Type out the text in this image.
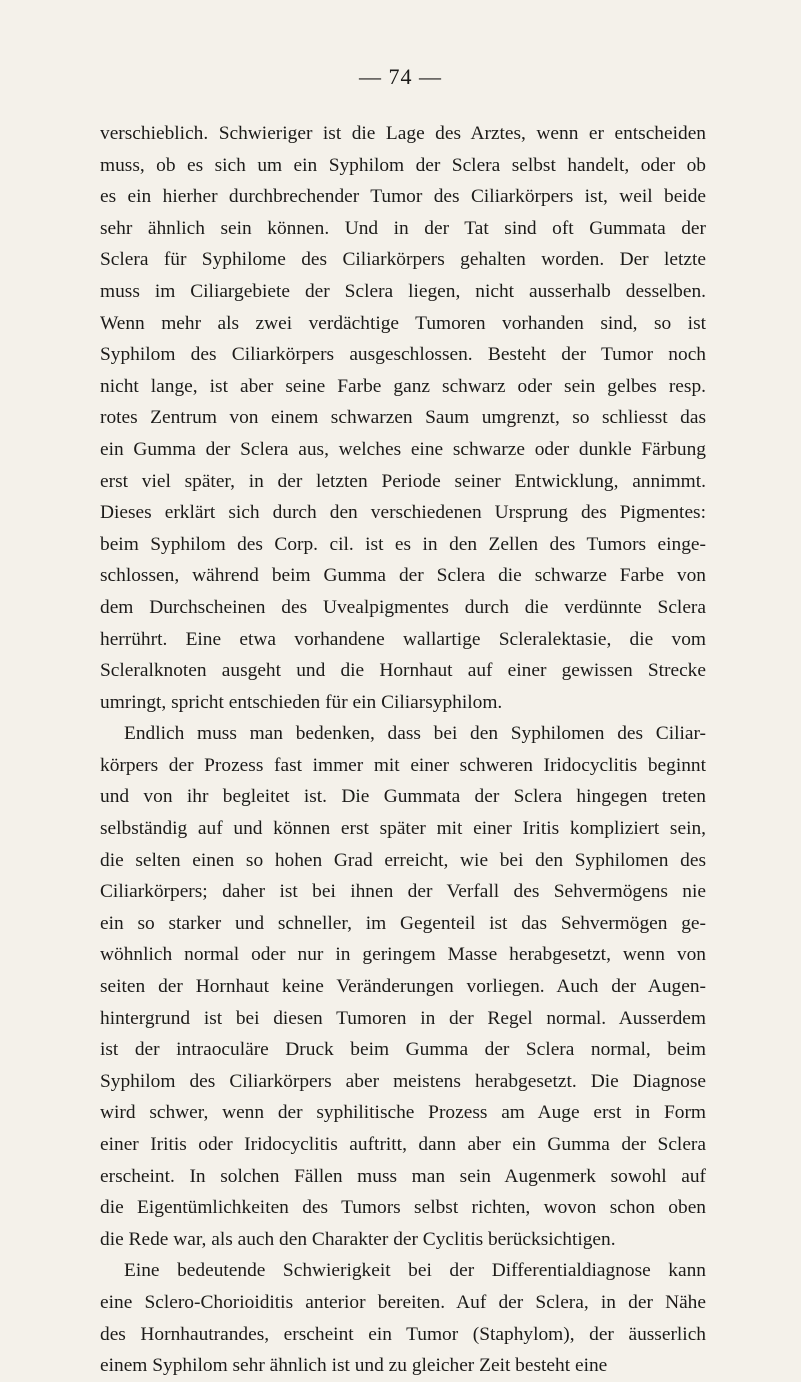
— 74 —
verschieblich. Schwieriger ist die Lage des Arztes, wenn er entscheiden
muss, ob es sich um ein Syphilom der Sclera selbst handelt, oder ob
es ein hierher durchbrechender Tumor des Ciliarkörpers ist, weil beide
sehr ähnlich sein können. Und in der Tat sind oft Gummata der
Sclera für Syphilome des Ciliarkörpers gehalten worden. Der letzte
muss im Ciliargebiete der Sclera liegen, nicht ausserhalb desselben.
Wenn mehr als zwei verdächtige Tumoren vorhanden sind, so ist
Syphilom des Ciliarkörpers ausgeschlossen. Besteht der Tumor noch
nicht lange, ist aber seine Farbe ganz schwarz oder sein gelbes resp.
rotes Zentrum von einem schwarzen Saum umgrenzt, so schliesst das
ein Gumma der Sclera aus, welches eine schwarze oder dunkle Färbung
erst viel später, in der letzten Periode seiner Entwicklung, annimmt.
Dieses erklärt sich durch den verschiedenen Ursprung des Pigmentes:
beim Syphilom des Corp. cil. ist es in den Zellen des Tumors einge-
schlossen, während beim Gumma der Sclera die schwarze Farbe von
dem Durchscheinen des Uvealpigmentes durch die verdünnte Sclera
herrührt. Eine etwa vorhandene wallartige Scleralektasie, die vom
Scleralknoten ausgeht und die Hornhaut auf einer gewissen Strecke
umringt, spricht entschieden für ein Ciliarsyphilom.
Endlich muss man bedenken, dass bei den Syphilomen des Ciliar-
körpers der Prozess fast immer mit einer schweren Iridocyclitis beginnt
und von ihr begleitet ist. Die Gummata der Sclera hingegen treten
selbständig auf und können erst später mit einer Iritis kompliziert sein,
die selten einen so hohen Grad erreicht, wie bei den Syphilomen des
Ciliarkörpers; daher ist bei ihnen der Verfall des Sehvermögens nie
ein so starker und schneller, im Gegenteil ist das Sehvermögen ge-
wöhnlich normal oder nur in geringem Masse herabgesetzt, wenn von
seiten der Hornhaut keine Veränderungen vorliegen. Auch der Augen-
hintergrund ist bei diesen Tumoren in der Regel normal. Ausserdem
ist der intraoculäre Druck beim Gumma der Sclera normal, beim
Syphilom des Ciliarkörpers aber meistens herabgesetzt. Die Diagnose
wird schwer, wenn der syphilitische Prozess am Auge erst in Form
einer Iritis oder Iridocyclitis auftritt, dann aber ein Gumma der Sclera
erscheint. In solchen Fällen muss man sein Augenmerk sowohl auf
die Eigentümlichkeiten des Tumors selbst richten, wovon schon oben
die Rede war, als auch den Charakter der Cyclitis berücksichtigen.
Eine bedeutende Schwierigkeit bei der Differentialdiagnose kann
eine Sclero-Chorioiditis anterior bereiten. Auf der Sclera, in der Nähe
des Hornhautrandes, erscheint ein Tumor (Staphylom), der äusserlich
einem Syphilom sehr ähnlich ist und zu gleicher Zeit besteht eine
